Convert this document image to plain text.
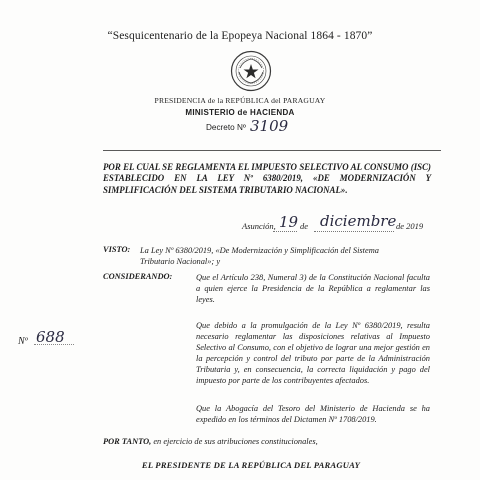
“Sesquicentenario de la Epopeya Nacional 1864 - 1870”
PRESIDENCIA de la REPÚBLICA del PARAGUAY
MINISTERIO de HACIENDA
Decreto Nº 3109
Nº 688
POR EL CUAL SE REGLAMENTA EL IMPUESTO SELECTIVO AL CONSUMO (ISC) ESTABLECIDO EN LA LEY Nº 6380/2019, «DE MODERNIZACIÓN Y SIMPLIFICACIÓN DEL SISTEMA TRIBUTARIO NACIONAL».
Asunción, 19 de diciembre de 2019
VISTO: La Ley Nº 6380/2019, «De Modernización y Simplificación del Sistema Tributario Nacional»; y
CONSIDERANDO:	Que el Artículo 238, Numeral 3) de la Constitución Nacional faculta a quien ejerce la Presidencia de la República a reglamentar las leyes.
Que debido a la promulgación de la Ley Nº 6380/2019, resulta necesario reglamentar las disposiciones relativas al Impuesto Selectivo al Consumo, con el objetivo de lograr una mejor gestión en la percepción y control del tributo por parte de la Administración Tributaria y, en consecuencia, la correcta liquidación y pago del impuesto por parte de los contribuyentes afectados.
Que la Abogacía del Tesoro del Ministerio de Hacienda se ha expedido en los términos del Dictamen Nº 1708/2019.
POR TANTO, en ejercicio de sus atribuciones constitucionales,
EL PRESIDENTE DE LA REPÚBLICA DEL PARAGUAY
